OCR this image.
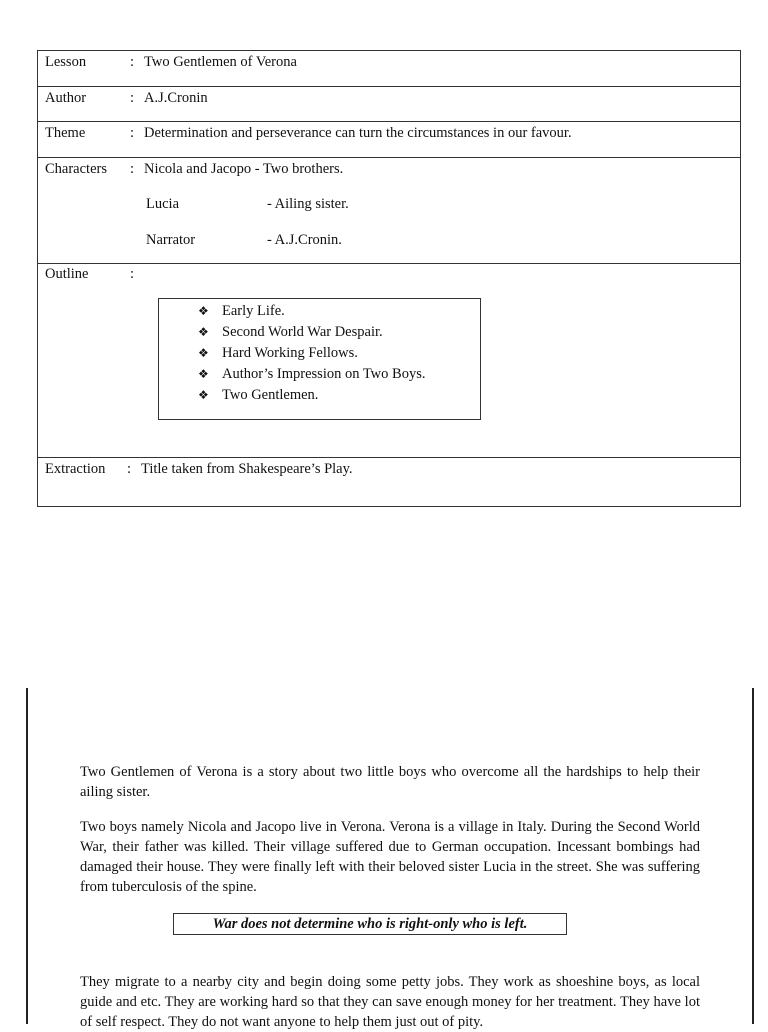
Lesson	: Two Gentlemen of Verona
Author	: A.J.Cronin
Theme	: Determination and perseverance can turn the circumstances in our favour.
Characters : Nicola and Jacopo - Two brothers.
Lucia	- Ailing sister.
Narrator	- A.J.Cronin.
Outline	:
❖ Early Life.
❖ Second World War Despair.
❖ Hard Working Fellows.
❖ Author’s Impression on Two Boys.
❖ Two Gentlemen.
Extraction : Title taken from Shakespeare’s Play.

Two Gentlemen of Verona is a story about two little boys who overcome all the hardships to help their ailing sister.

Two boys namely Nicola and Jacopo live in Verona. Verona is a village in Italy. During the Second World War, their father was killed. Their village suffered due to German occupation. Incessant bombings had damaged their house. They were finally left with their beloved sister Lucia in the street. She was suffering from tuberculosis of the spine.

War does not determine who is right-only who is left.

They migrate to a nearby city and begin doing some petty jobs. They work as shoeshine boys, as local guide and etc. They are working hard so that they can save enough money for her treatment. They have lot of self respect. They do not want anyone to help them just out of pity.
